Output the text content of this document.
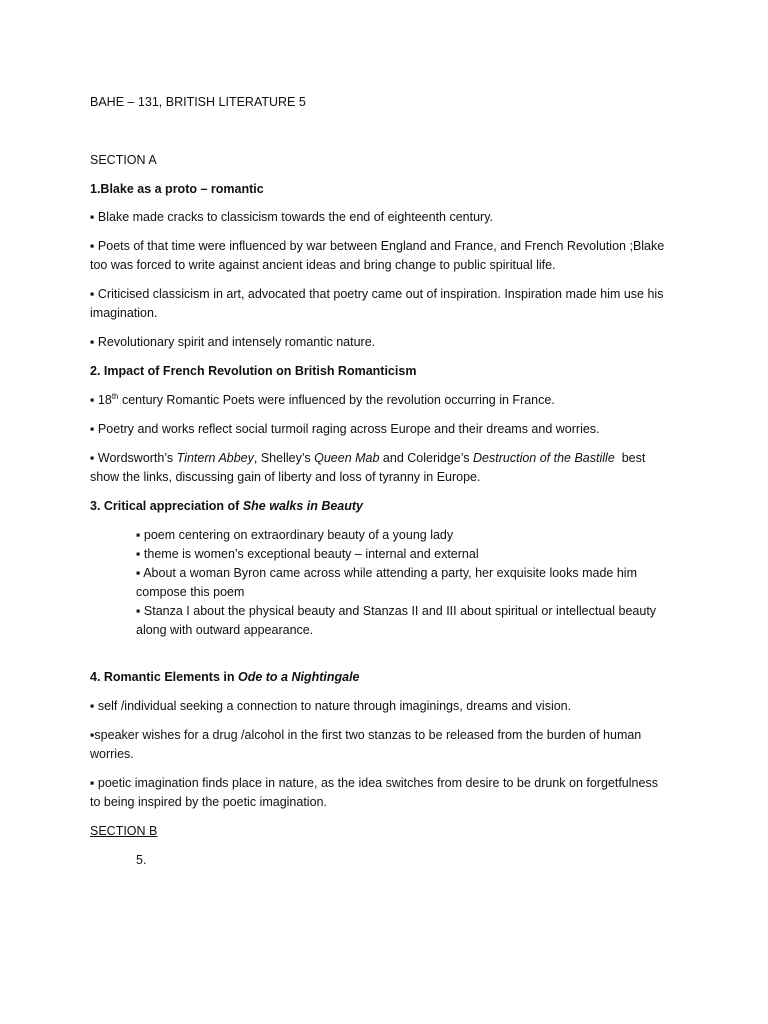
BAHE – 131, BRITISH LITERATURE 5
SECTION A
1.Blake as a proto – romantic
▪ Blake made cracks to classicism towards the end of eighteenth century.
▪ Poets of that time were influenced by war between England and France, and French Revolution ;Blake
too was forced to write against ancient ideas and bring change to public spiritual life.
▪ Criticised classicism in art, advocated that poetry came out of inspiration. Inspiration made him use his
imagination.
▪ Revolutionary spirit and intensely romantic nature.
2. Impact of French Revolution on British Romanticism
▪ 18th century Romantic Poets were influenced by the revolution occurring in France.
▪ Poetry and works reflect social turmoil raging across Europe and their dreams and worries.
▪ Wordsworth’s Tintern Abbey, Shelley’s Queen Mab and Coleridge’s Destruction of the Bastille  best
show the links, discussing gain of liberty and loss of tyranny in Europe.
3. Critical appreciation of She walks in Beauty
▪ poem centering on extraordinary beauty of a young lady
▪ theme is women’s exceptional beauty – internal and external
▪ About a woman Byron came across while attending a party, her exquisite looks made him
compose this poem
▪ Stanza I about the physical beauty and Stanzas II and III about spiritual or intellectual beauty
along with outward appearance.
4. Romantic Elements in Ode to a Nightingale
▪ self /individual seeking a connection to nature through imaginings, dreams and vision.
▪speaker wishes for a drug /alcohol in the first two stanzas to be released from the burden of human
worries.
▪ poetic imagination finds place in nature, as the idea switches from desire to be drunk on forgetfulness
to being inspired by the poetic imagination.
SECTION B
5.
